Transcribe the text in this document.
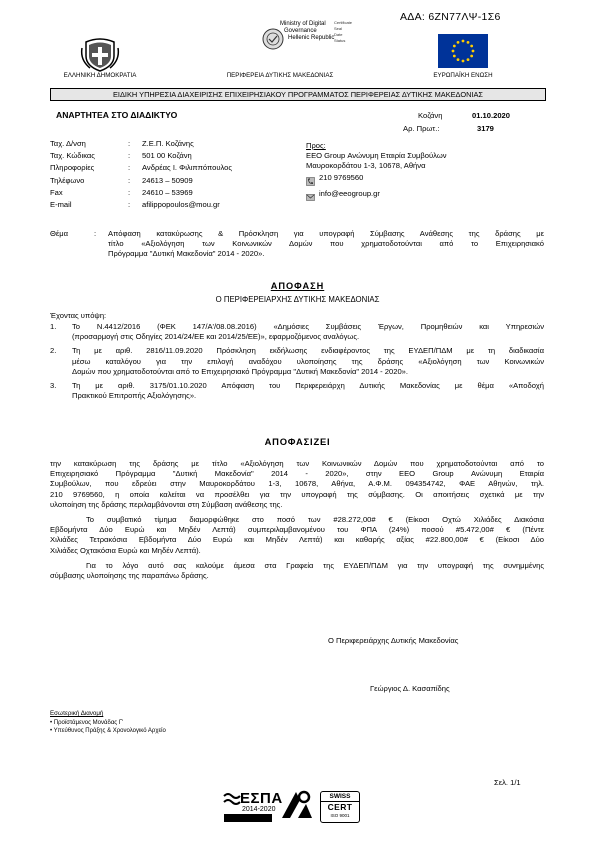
ΑΔΑ: 6ΖΝ77ΛΨ-1Σ6
ΕΛΛΗΝΙΚΗ ΔΗΜΟΚΡΑΤΙΑ	ΠΕΡΙΦΕΡΕΙΑ ΔΥΤΙΚΗΣ ΜΑΚΕΔΟΝΙΑΣ
Ministry of Digital
Governance
Hellenic Republic
Certificate
Seal
Date
Status
ΕΥΡΩΠΑΪΚΗ ΕΝΩΣΗ
ΕΙΔΙΚΗ ΥΠΗΡΕΣΙΑ ΔΙΑΧΕΙΡΙΣΗΣ ΕΠΙΧΕΙΡΗΣΙΑΚΟΥ ΠΡΟΓΡΑΜΜΑΤΟΣ ΠΕΡΙΦΕΡΕΙΑΣ ΔΥΤΙΚΗΣ ΜΑΚΕΔΟΝΙΑΣ
ΑΝΑΡΤΗΤΕΑ ΣΤΟ ΔΙΑΔΙΚΤΥΟ	Κοζάνη	01.10.2020
Αρ. Πρωτ.:	3179
Ταχ. Δ/νση	: Z.E.Π. Κοζάνης
Ταχ. Κώδικας	: 501 00 Κοζάνη
Πληροφορίες	: Ανδρέας Ι. Φιλιππόπουλος
Τηλέφωνο	: 24613 – 50909
Fax	: 24610 – 53969
E-mail	: afilippopoulos@mou.gr
Προς:
EEO Group Ανώνυμη Εταιρία Συμβούλων
Μαυροκορδάτου 1-3, 10678, Αθήνα
210 9769560
info@eeogroup.gr
Θέμα	: Απόφαση κατακύρωσης & Πρόσκληση για υπογραφή Σύμβασης Ανάθεσης της δράσης με
τίτλο «Αξιολόγηση των Κοινωνικών Δομών που χρηματοδοτούνται από το Επιχειρησιακό
Πρόγραμμα "Δυτική Μακεδονία" 2014 - 2020».
ΑΠΟΦΑΣΗ
Ο ΠΕΡΙΦΕΡΕΙΑΡΧΗΣ ΔΥΤΙΚΗΣ ΜΑΚΕΔΟΝΙΑΣ
Έχοντας υπόψη:
1. Το Ν.4412/2016 (ΦΕΚ 147/Α'/08.08.2016) «Δημόσιες Συμβάσεις Έργων, Προμηθειών και Υπηρεσιών
(προσαρμογή στις Οδηγίες 2014/24/ΕΕ και 2014/25/ΕΕ)», εφαρμοζόμενος αναλόγως.
2. Τη με αριθ. 2816/11.09.2020 Πρόσκληση εκδήλωσης ενδιαφέροντος της ΕΥΔΕΠ/ΠΔΜ με τη διαδικασία
μέσω καταλόγου για την επιλογή αναδόχου υλοποίησης της δράσης «Αξιολόγηση των Κοινωνικών
Δομών που χρηματοδοτούνται από το Επιχειρησιακό Πρόγραμμα "Δυτική Μακεδονία" 2014 - 2020».
3. Τη με αριθ. 3175/01.10.2020 Απόφαση του Περιφερειάρχη Δυτικής Μακεδονίας με θέμα «Αποδοχή
Πρακτικού Επιτροπής Αξιολόγησης».
ΑΠΟΦΑΣΙΖΕΙ
την κατακύρωση της δράσης με τίτλο «Αξιολόγηση των Κοινωνικών Δομών που χρηματοδοτούνται από το
Επιχειρησιακό Πρόγραμμα "Δυτική Μακεδονία" 2014 - 2020», στην EEO Group Ανώνυμη Εταιρία
Συμβούλων, που εδρεύει στην Μαυροκορδάτου 1-3, 10678, Αθήνα, Α.Φ.Μ. 094354742, ΦΑΕ Αθηνών, τηλ.
210 9769560, η οποία καλείται να προσέλθει για την υπογραφή της σύμβασης. Οι αποιτήσεις σχετικά με την
υλοποίηση της δράσης περιλαμβάνονται στη Σύμβαση ανάθεσης της.
Το συμβατικό τίμημα διαμορφώθηκε στο ποσό των #28.272,00# € (Είκοσι Οχτώ Χιλιάδες Διακόσια
Εβδομήντα Δύο Ευρώ και Μηδέν Λεπτά) συμπεριλαμβανομένου του ΦΠΑ (24%) ποσού #5.472,00# € (Πέντε
Χιλιάδες Τετρακόσια Εβδομήντα Δύο Ευρώ και Μηδέν Λεπτά) και καθαρής αξίας #22.800,00# € (Είκοσι Δύο
Χιλιάδες Οχτακόσια Ευρώ και Μηδέν Λεπτά).
Για το λόγο αυτό σας καλούμε άμεσα στα Γραφεία της ΕΥΔΕΠ/ΠΔΜ για την υπογραφή της συνημμένης
σύμβασης υλοποίησης της παραπάνω δράσης.
Ο Περιφερειάρχης Δυτικής Μακεδονίας
Γεώργιος Δ. Κασαπίδης
Εσωτερική Διανομή
• Προϊστάμενος Μονάδας Γ'
• Υπεύθυνος Πράξης & Χρονολογικό Αρχείο
Σελ. 1/1
ΕΣΠΑ
2014-2020
SWISS
CERT
ISO 9001
